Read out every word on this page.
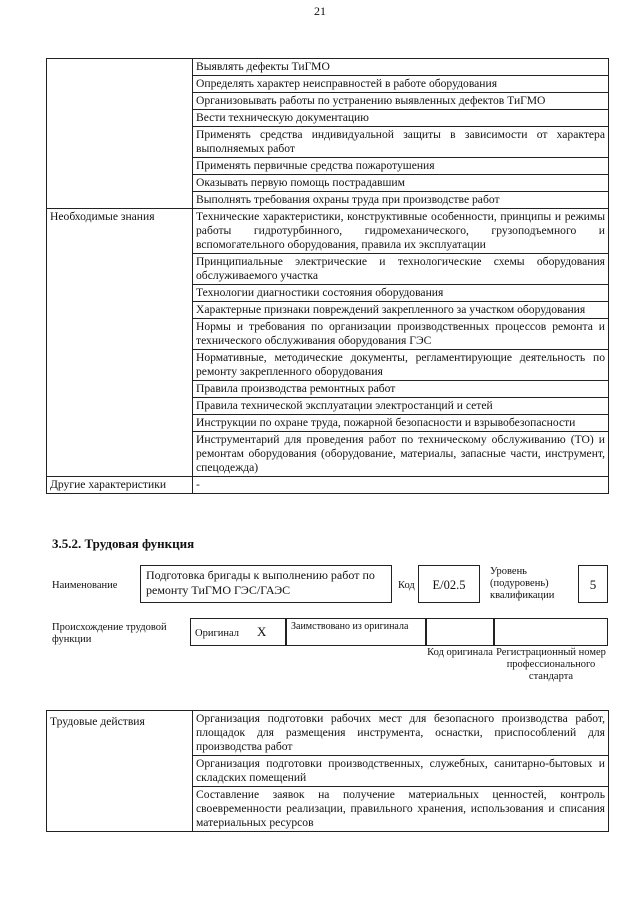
21
	Выявлять дефекты ТиГМО
	Определять характер неисправностей в работе оборудования
	Организовывать работы по устранению выявленных дефектов ТиГМО
	Вести техническую документацию
	Применять средства индивидуальной защиты в зависимости от характера выполняемых работ
	Применять первичные средства пожаротушения
	Оказывать первую помощь пострадавшим
	Выполнять требования охраны труда при производстве работ
Необходимые знания	Технические характеристики, конструктивные особенности, принципы и режимы работы гидротурбинного, гидромеханического, грузоподъемного и вспомогательного оборудования, правила их эксплуатации
	Принципиальные электрические и технологические схемы оборудования обслуживаемого участка
	Технологии диагностики состояния оборудования
	Характерные признаки повреждений закрепленного за участком оборудования
	Нормы и требования по организации производственных процессов ремонта и технического обслуживания оборудования ГЭС
	Нормативные, методические документы, регламентирующие деятельность по ремонту закрепленного оборудования
	Правила производства ремонтных работ
	Правила технической эксплуатации электростанций и сетей
	Инструкции по охране труда, пожарной безопасности и взрывобезопасности
	Инструментарий для проведения работ по техническому обслуживанию (ТО) и ремонтам оборудования (оборудование, материалы, запасные части, инструмент, спецодежда)
Другие характеристики	-
3.5.2. Трудовая функция
Наименование
Подготовка бригады к выполнению работ по ремонту ТиГМО ГЭС/ГАЭС	Код	E/02.5
Уровень (подуровень) квалификации
5
Происхождение трудовой функции
Оригинал X	Заимствовано из оригинала
Код оригинала Регистрационный номер профессионального стандарта
Трудовые действия	Организация подготовки рабочих мест для безопасного производства работ, площадок для размещения инструмента, оснастки, приспособлений для производства работ
Организация подготовки производственных, служебных, санитарно-бытовых и складских помещений
Составление заявок на получение материальных ценностей, контроль своевременности реализации, правильного хранения, использования и списания материальных ресурсов
